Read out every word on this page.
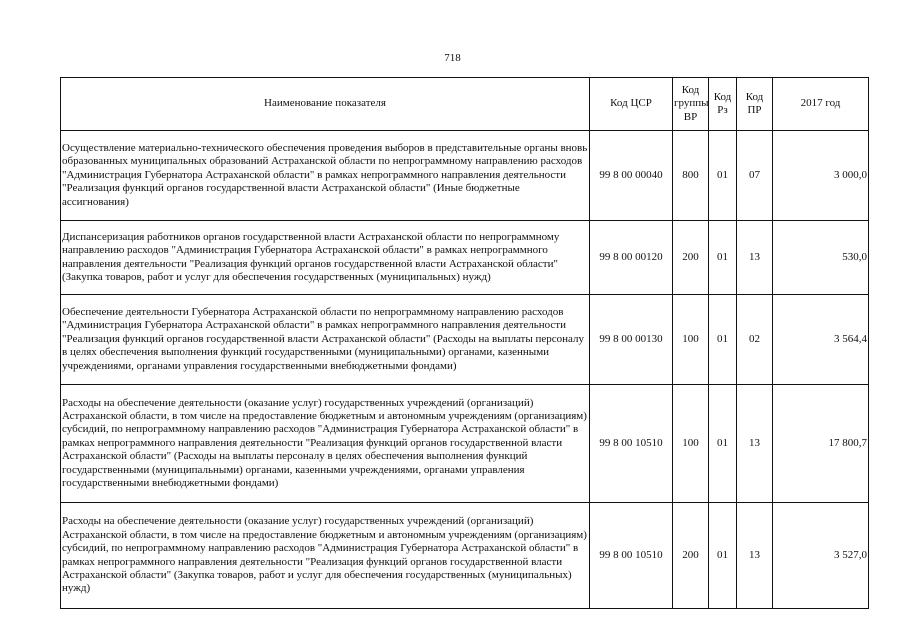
718
Наименование показателя	Код ЦСР	Код группы ВР	Код Рз	Код ПР	2017 год
Осуществление материально-технического обеспечения проведения выборов в представительные органы вновь образованных муниципальных образований Астраханской области по непрограммному направлению расходов "Администрация Губернатора Астраханской области" в рамках непрограммного направления деятельности "Реализация функций органов государственной власти Астраханской области" (Иные бюджетные ассигнования)	99 8 00 00040	800	01	07	3 000,0
Диспансеризация работников органов государственной власти Астраханской области по непрограммному направлению расходов "Администрация Губернатора Астраханской области" в рамках непрограммного направления деятельности "Реализация функций органов государственной власти Астраханской области" (Закупка товаров, работ и услуг для обеспечения государственных (муниципальных) нужд)	99 8 00 00120	200	01	13	530,0
Обеспечение деятельности Губернатора Астраханской области по непрограммному направлению расходов "Администрация Губернатора Астраханской области" в рамках непрограммного направления деятельности "Реализация функций органов государственной власти Астраханской области" (Расходы на выплаты персоналу в целях обеспечения выполнения функций государственными (муниципальными) органами, казенными учреждениями, органами управления государственными внебюджетными фондами)	99 8 00 00130	100	01	02	3 564,4
Расходы на обеспечение деятельности (оказание услуг) государственных учреждений (организаций) Астраханской области, в том числе на предоставление бюджетным и автономным учреждениям (организациям) субсидий, по непрограммному направлению расходов "Администрация Губернатора Астраханской области" в рамках непрограммного направления деятельности "Реализация функций органов государственной власти Астраханской области" (Расходы на выплаты персоналу в целях обеспечения выполнения функций государственными (муниципальными) органами, казенными учреждениями, органами управления государственными внебюджетными фондами)	99 8 00 10510	100	01	13	17 800,7
Расходы на обеспечение деятельности (оказание услуг) государственных учреждений (организаций) Астраханской области, в том числе на предоставление бюджетным и автономным учреждениям (организациям) субсидий, по непрограммному направлению расходов "Администрация Губернатора Астраханской области" в рамках непрограммного направления деятельности "Реализация функций органов государственной власти Астраханской области" (Закупка товаров, работ и услуг для обеспечения государственных (муниципальных) нужд)	99 8 00 10510	200	01	13	3 527,0
